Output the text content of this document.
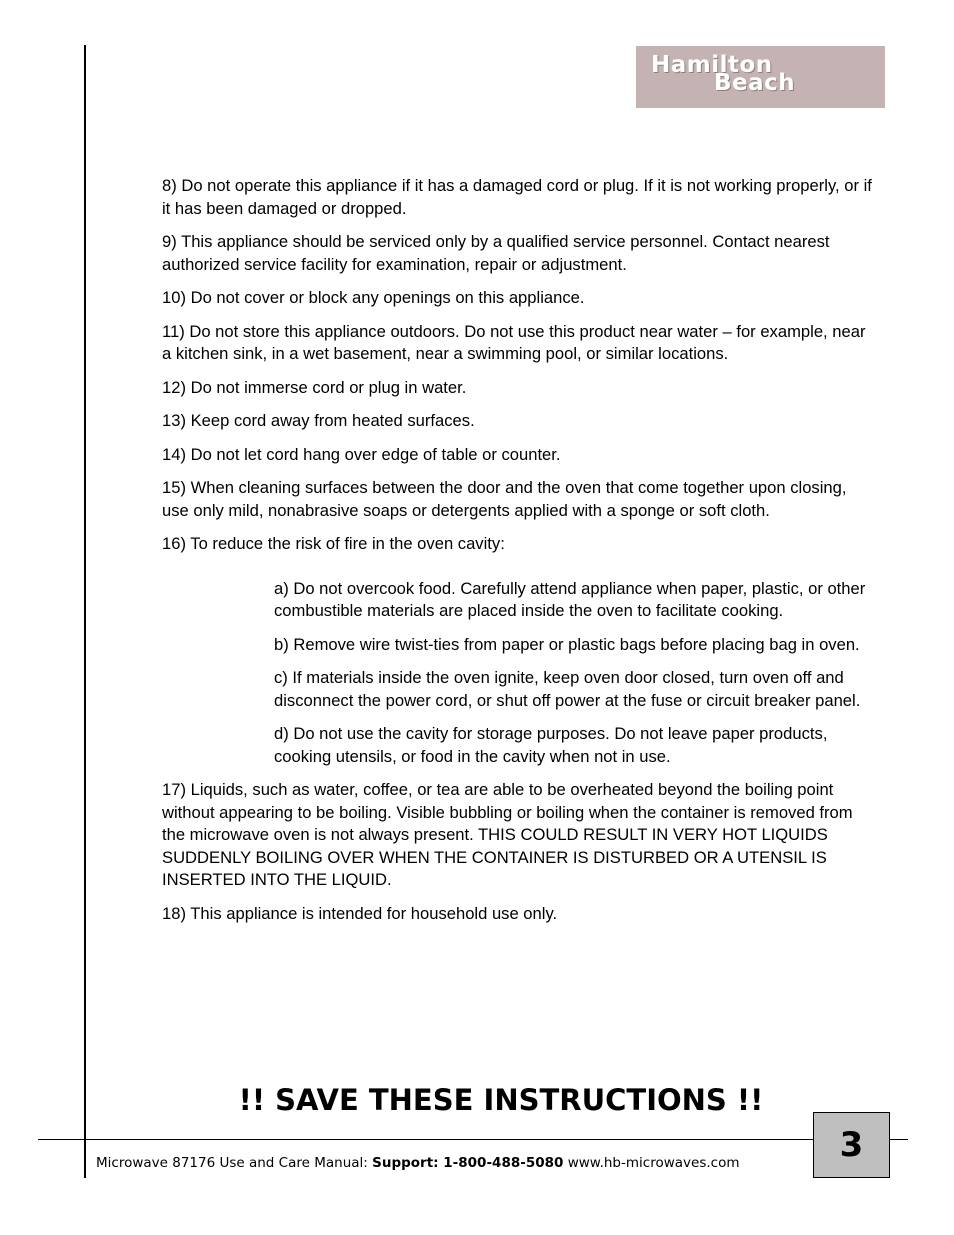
Hamilton
Beach

8) Do not operate this appliance if it has a damaged cord or plug. If it is not working properly, or if it has been damaged or dropped.

9) This appliance should be serviced only by a qualified service personnel. Contact nearest authorized service facility for examination, repair or adjustment.

10) Do not cover or block any openings on this appliance.

11) Do not store this appliance outdoors. Do not use this product near water – for example, near a kitchen sink, in a wet basement, near a swimming pool, or similar locations.

12) Do not immerse cord or plug in water.

13) Keep cord away from heated surfaces.

14) Do not let cord hang over edge of table or counter.

15) When cleaning surfaces between the door and the oven that come together upon closing, use only mild, nonabrasive soaps or detergents applied with a sponge or soft cloth.

16) To reduce the risk of fire in the oven cavity:

a) Do not overcook food. Carefully attend appliance when paper, plastic, or other combustible materials are placed inside the oven to facilitate cooking.

b) Remove wire twist-ties from paper or plastic bags before placing bag in oven.

c) If materials inside the oven ignite, keep oven door closed, turn oven off and disconnect the power cord, or shut off power at the fuse or circuit breaker panel.

d) Do not use the cavity for storage purposes. Do not leave paper products, cooking utensils, or food in the cavity when not in use.

17) Liquids, such as water, coffee, or tea are able to be overheated beyond the boiling point without appearing to be boiling. Visible bubbling or boiling when the container is removed from the microwave oven is not always present. THIS COULD RESULT IN VERY HOT LIQUIDS SUDDENLY BOILING OVER WHEN THE CONTAINER IS DISTURBED OR A UTENSIL IS INSERTED INTO THE LIQUID.

18) This appliance is intended for household use only.

!! SAVE THESE INSTRUCTIONS !!
Microwave 87176 Use and Care Manual: Support: 1-800-488-5080 www.hb-microwaves.com	3
